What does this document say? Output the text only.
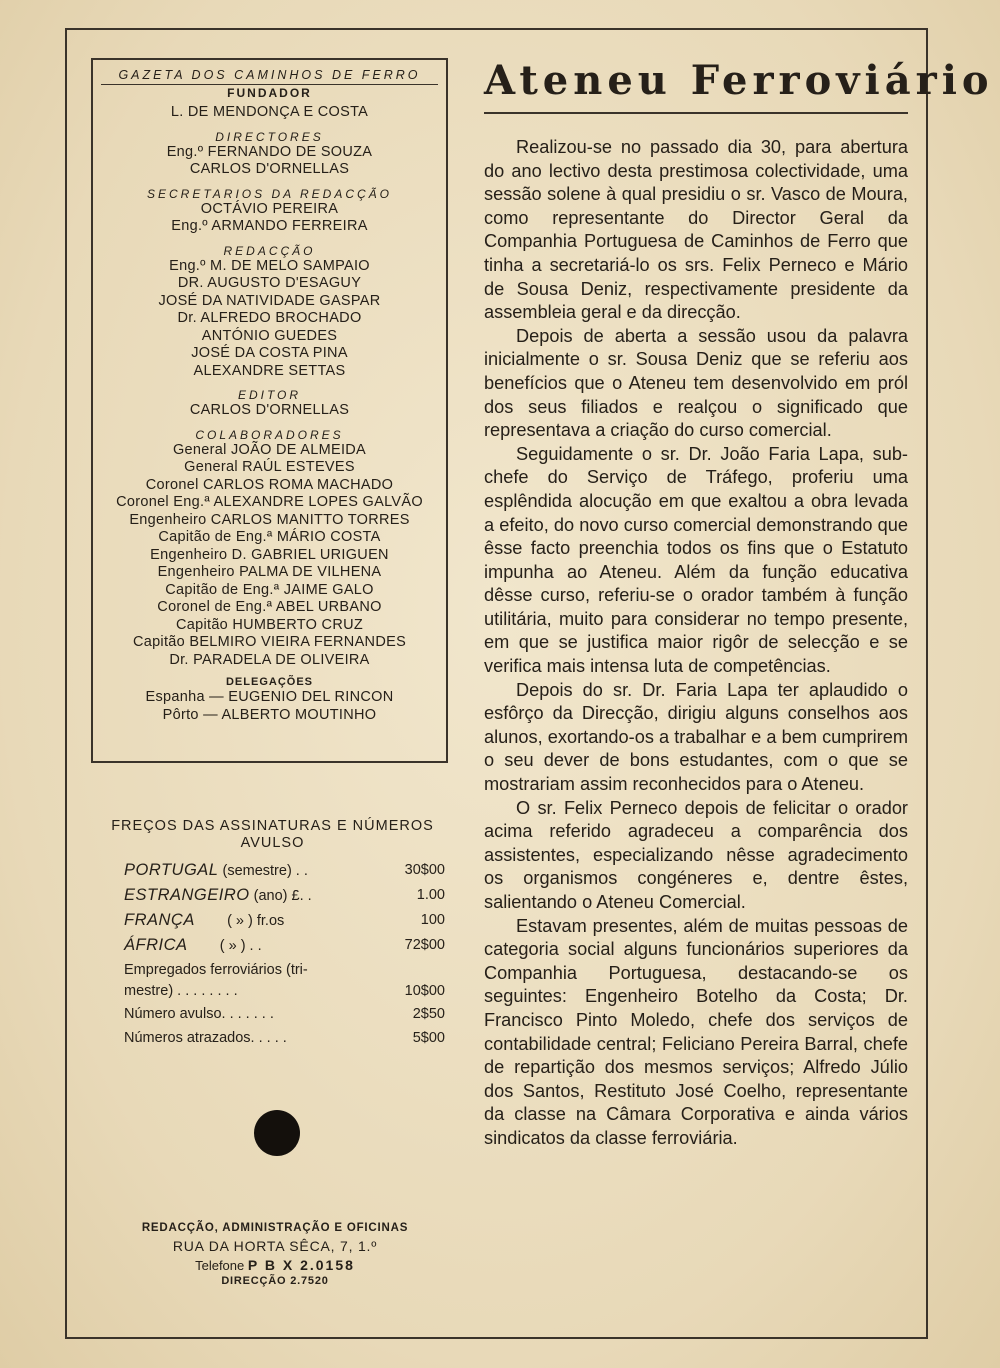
GAZETA DOS CAMINHOS DE FERRO
FUNDADOR
L. DE MENDONÇA E COSTA
DIRECTORES
Eng.º FERNANDO DE SOUZA
CARLOS D'ORNELLAS
SECRETARIOS DA REDACÇÃO
OCTÁVIO PEREIRA
Eng.º ARMANDO FERREIRA
REDACÇÃO
Eng.º M. DE MELO SAMPAIO
DR. AUGUSTO D'ESAGUY
JOSÉ DA NATIVIDADE GASPAR
Dr. ALFREDO BROCHADO
ANTÓNIO GUEDES
JOSÉ DA COSTA PINA
ALEXANDRE SETTAS
EDITOR
CARLOS D'ORNELLAS
COLABORADORES
General JOÃO DE ALMEIDA
General RAÚL ESTEVES
Coronel CARLOS ROMA MACHADO
Coronel Eng.ª ALEXANDRE LOPES GALVÃO
Engenheiro CARLOS MANITTO TORRES
Capitão de Eng.ª MÁRIO COSTA
Engenheiro D. GABRIEL URIGUEN
Engenheiro PALMA DE VILHENA
Capitão de Eng.ª JAIME GALO
Coronel de Eng.ª ABEL URBANO
Capitão HUMBERTO CRUZ
Capitão BELMIRO VIEIRA FERNANDES
Dr. PARADELA DE OLIVEIRA
DELEGAÇÕES
Espanha — EUGENIO DEL RINCON
Pôrto — ALBERTO MOUTINHO
FREÇOS DAS ASSINATURAS E NÚMEROS AVULSO
PORTUGAL (semestre) . .	30$00
ESTRANGEIRO (ano) £. .	1.00
FRANÇA        ( » ) fr.os	100
ÁFRICA        ( » ) . .	72$00
Empregados ferroviários (tri-
mestre) . . . . . . . .	10$00
Número avulso. . . . . . .	2$50
Números atrazados. . . . .	5$00
REDACÇÃO, ADMINISTRAÇÃO E OFICINAS
RUA DA HORTA SÊCA, 7, 1.º
Telefone P B X 2.0158
DIRECÇÃO 2.7520
Ateneu Ferroviário

Realizou-se no passado dia 30, para abertura do ano lectivo desta prestimosa colectividade, uma sessão solene à qual presidiu o sr. Vasco de Moura, como representante do Director Geral da Companhia Portuguesa de Caminhos de Ferro que tinha a secretariá-lo os srs. Felix Perneco e Mário de Sousa Deniz, respectivamente presidente da assembleia geral e da direcção.

Depois de aberta a sessão usou da palavra inicialmente o sr. Sousa Deniz que se referiu aos benefícios que o Ateneu tem desenvolvido em pról dos seus filiados e realçou o significado que representava a criação do curso comercial.

Seguidamente o sr. Dr. João Faria Lapa, sub-chefe do Serviço de Tráfego, proferiu uma esplêndida alocução em que exaltou a obra levada a efeito, do novo curso comercial demonstrando que êsse facto preenchia todos os fins que o Estatuto impunha ao Ateneu. Além da função educativa dêsse curso, referiu-se o orador também à função utilitária, muito para considerar no tempo presente, em que se justifica maior rigôr de selecção e se verifica mais intensa luta de competências.

Depois do sr. Dr. Faria Lapa ter aplaudido o esfôrço da Direcção, dirigiu alguns conselhos aos alunos, exortando-os a trabalhar e a bem cumprirem o seu dever de bons estudantes, com o que se mostrariam assim reconhecidos para o Ateneu.

O sr. Felix Perneco depois de felicitar o orador acima referido agradeceu a comparência dos assistentes, especializando nêsse agradecimento os organismos congéneres e, dentre êstes, salientando o Ateneu Comercial.

Estavam presentes, além de muitas pessoas de categoria social alguns funcionários superiores da Companhia Portuguesa, destacando-se os seguintes: Engenheiro Botelho da Costa; Dr. Francisco Pinto Moledo, chefe dos serviços de contabilidade central; Feliciano Pereira Barral, chefe de repartição dos mesmos serviços; Alfredo Júlio dos Santos, Restituto José Coelho, representante da classe na Câmara Corporativa e ainda vários sindicatos da classe ferroviária.
